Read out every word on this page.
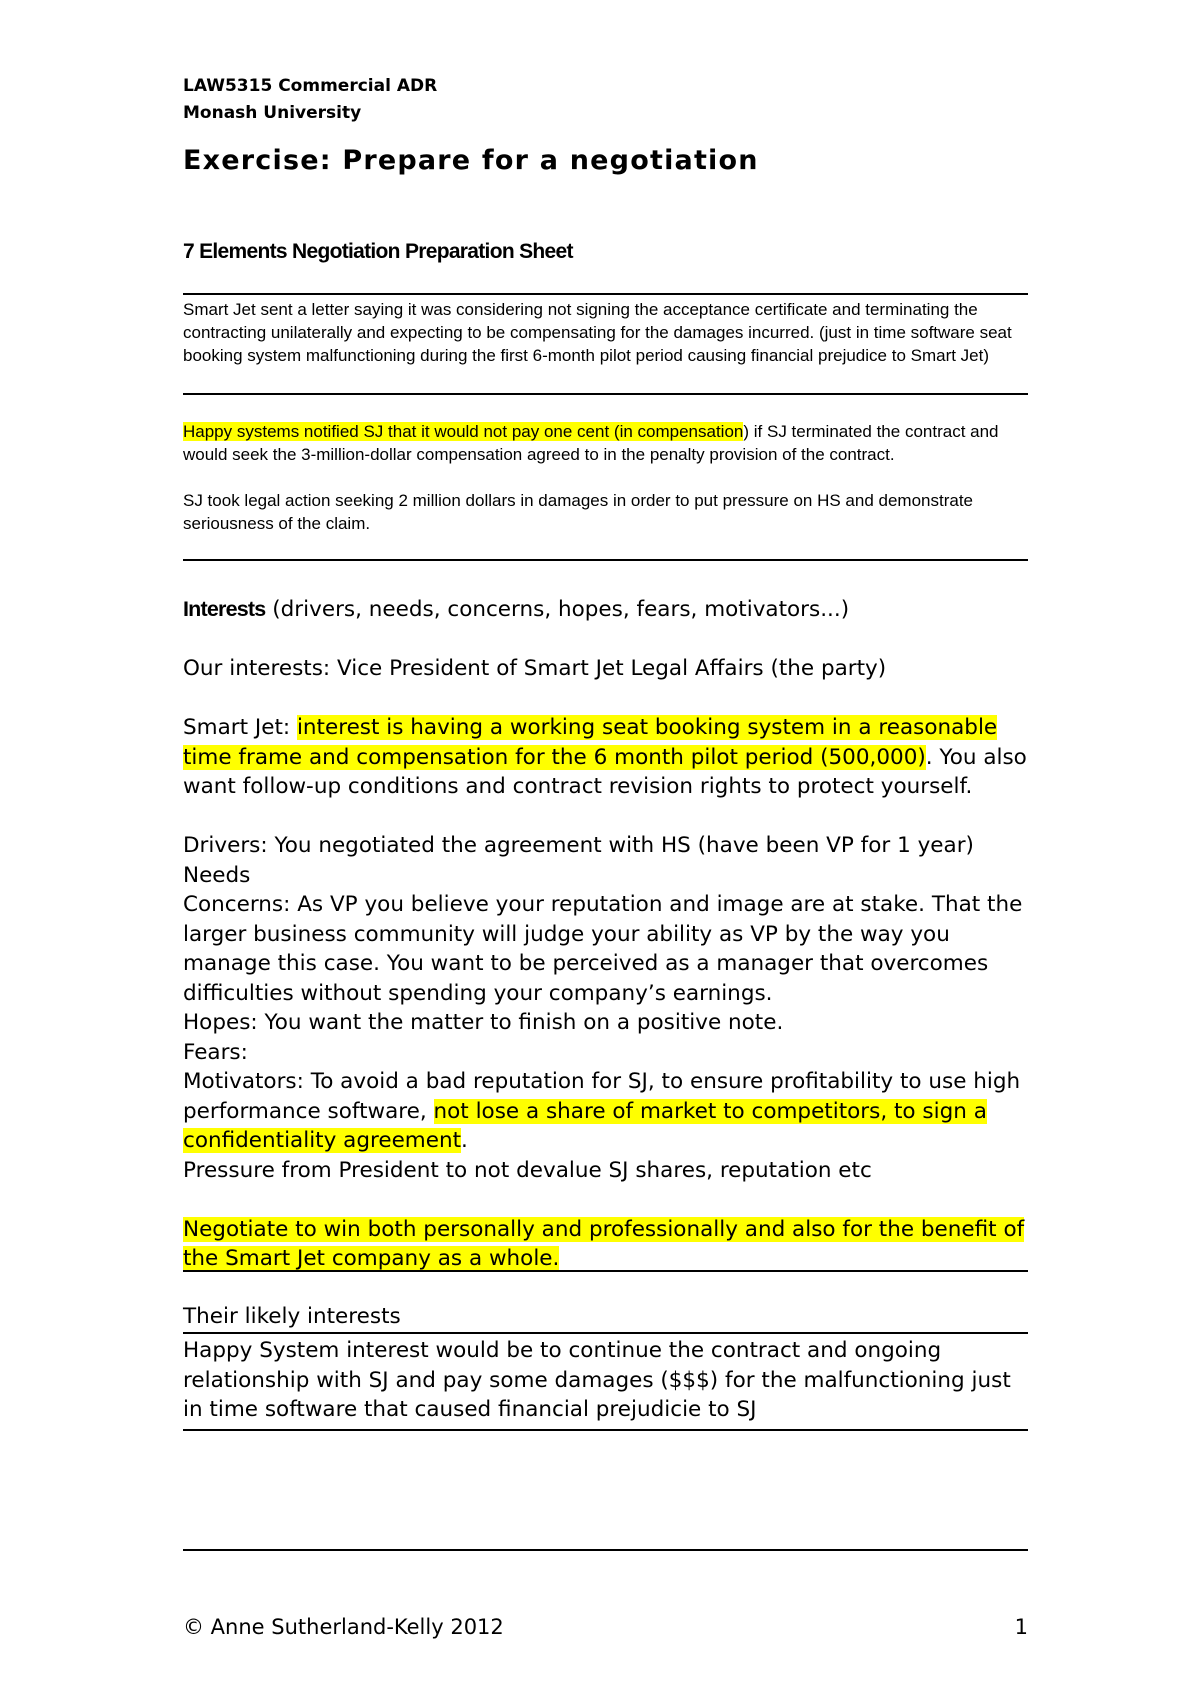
LAW5315 Commercial ADR
Monash University
Exercise: Prepare for a negotiation
7 Elements Negotiation Preparation Sheet

Smart Jet sent a letter saying it was considering not signing the acceptance certificate and terminating the contracting unilaterally and expecting to be compensating for the damages incurred. (just in time software seat booking system malfunctioning during the first 6-month pilot period causing financial prejudice to Smart Jet)

Happy systems notified SJ that it would not pay one cent (in compensation) if SJ terminated the contract and would seek the 3-million-dollar compensation agreed to in the penalty provision of the contract.

SJ took legal action seeking 2 million dollars in damages in order to put pressure on HS and demonstrate seriousness of the claim.

Interests (drivers, needs, concerns, hopes, fears, motivators...)

Our interests: Vice President of Smart Jet Legal Affairs (the party)

Smart Jet: interest is having a working seat booking system in a reasonable time frame and compensation for the 6 month pilot period (500,000). You also want follow-up conditions and contract revision rights to protect yourself.

Drivers: You negotiated the agreement with HS (have been VP for 1 year)

Needs

Concerns: As VP you believe your reputation and image are at stake. That the larger business community will judge your ability as VP by the way you manage this case. You want to be perceived as a manager that overcomes difficulties without spending your company’s earnings.

Hopes: You want the matter to finish on a positive note.

Fears:

Motivators: To avoid a bad reputation for SJ, to ensure profitability to use high performance software, not lose a share of market to competitors, to sign a confidentiality agreement.

Pressure from President to not devalue SJ shares, reputation etc

Negotiate to win both personally and professionally and also for the benefit of the Smart Jet company as a whole.

Their likely interests
Happy System interest would be to continue the contract and ongoing relationship with SJ and pay some damages ($$$) for the malfunctioning just in time software that caused financial prejudicie to SJ
© Anne Sutherland-Kelly 2012	1
